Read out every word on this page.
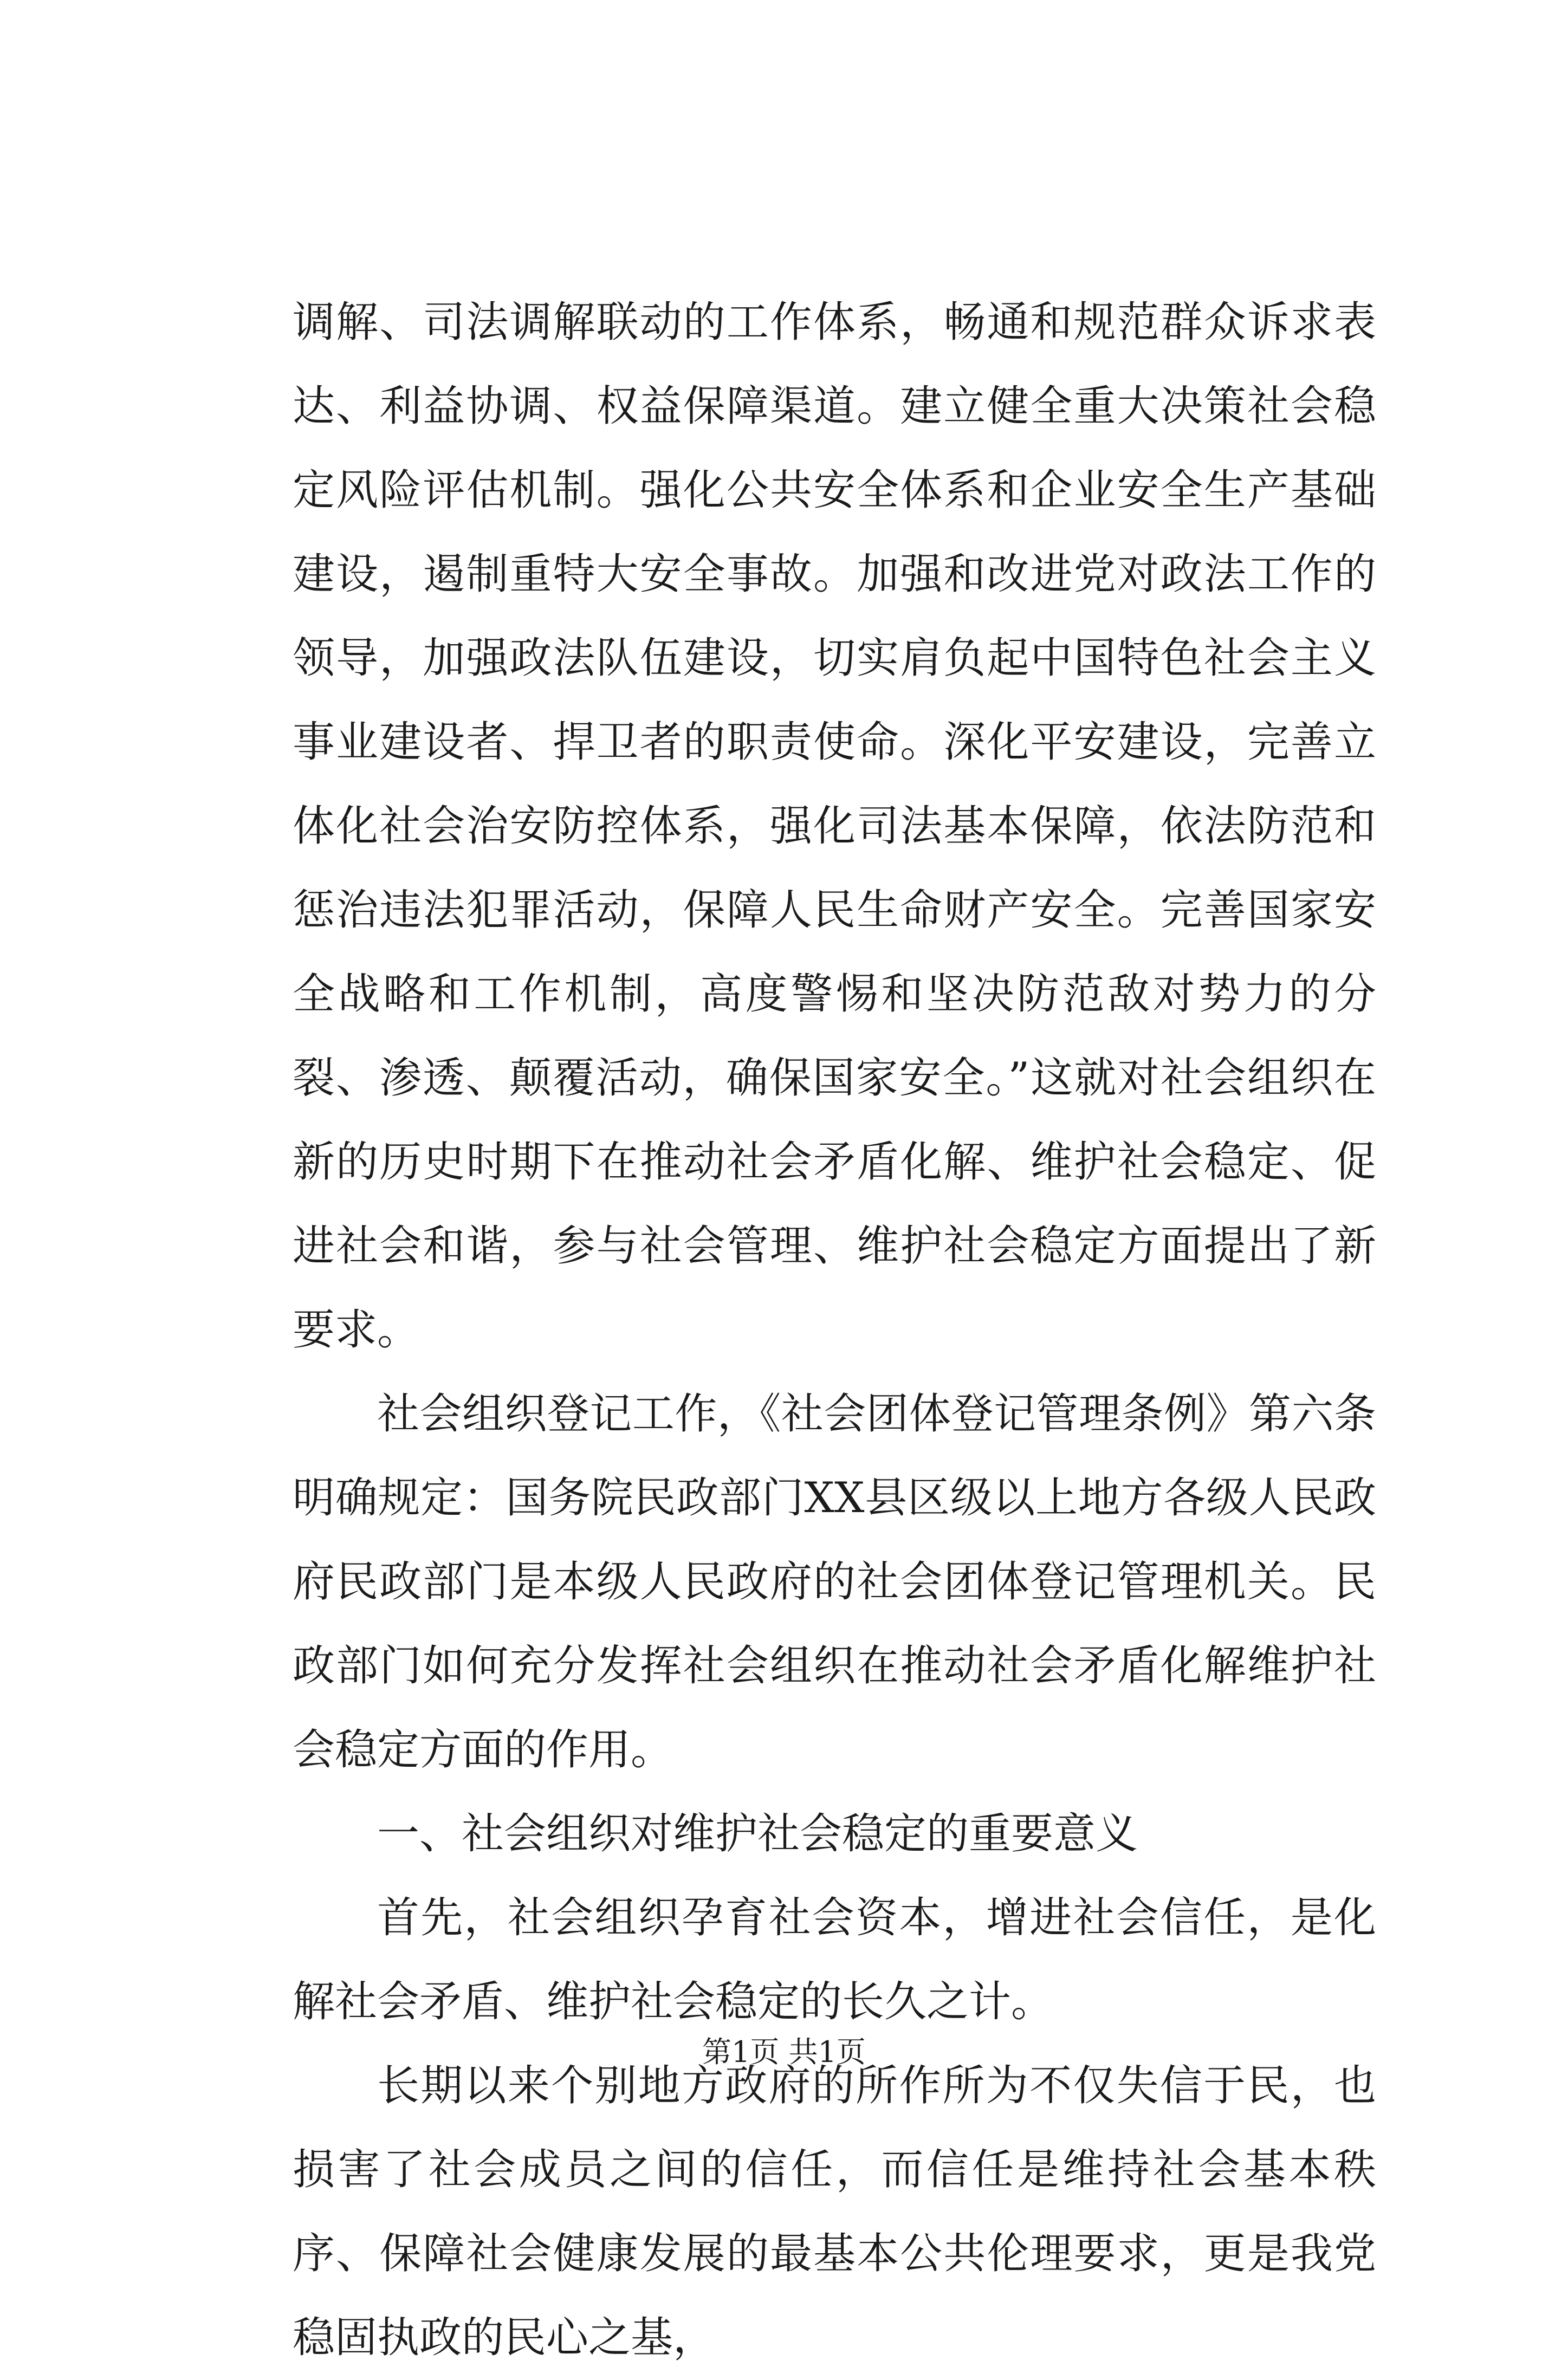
调解、司法调解联动的工作体系，畅通和规范群众诉求表达、利益协调、权益保障渠道。建立健全重大决策社会稳定风险评估机制。强化公共安全体系和企业安全生产基础建设，遏制重特大安全事故。加强和改进党对政法工作的领导，加强政法队伍建设，切实肩负起中国特色社会主义事业建设者、捍卫者的职责使命。深化平安建设，完善立体化社会治安防控体系，强化司法基本保障，依法防范和惩治违法犯罪活动，保障人民生命财产安全。完善国家安全战略和工作机制，高度警惕和坚决防范敌对势力的分裂、渗透、颠覆活动，确保国家安全。”这就对社会组织在新的历史时期下在推动社会矛盾化解、维护社会稳定、促进社会和谐，参与社会管理、维护社会稳定方面提出了新要求。

社会组织登记工作，《社会团体登记管理条例》第六条明确规定：国务院民政部门XX县区级以上地方各级人民政府民政部门是本级人民政府的社会团体登记管理机关。民政部门如何充分发挥社会组织在推动社会矛盾化解维护社会稳定方面的作用。

一、社会组织对维护社会稳定的重要意义

首先，社会组织孕育社会资本，增进社会信任，是化解社会矛盾、维护社会稳定的长久之计。

长期以来个别地方政府的所作所为不仅失信于民，也损害了社会成员之间的信任，而信任是维持社会基本秩序、保障社会健康发展的最基本公共伦理要求，更是我党稳固执政的民心之基，

第1页 共1页
